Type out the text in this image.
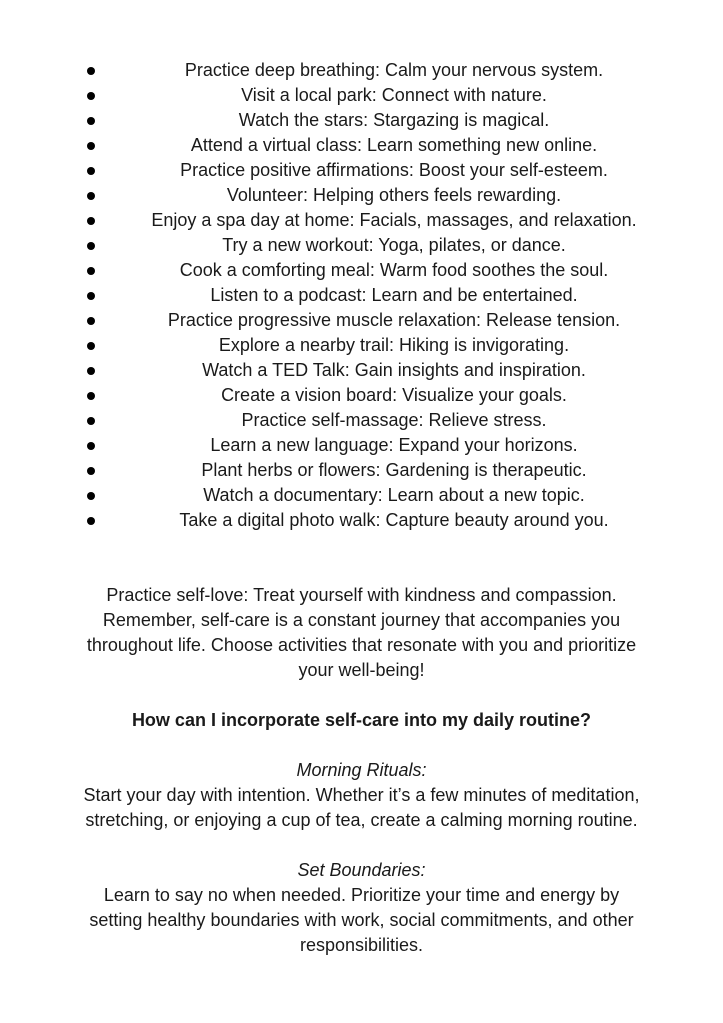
Practice deep breathing: Calm your nervous system.
Visit a local park: Connect with nature.
Watch the stars: Stargazing is magical.
Attend a virtual class: Learn something new online.
Practice positive affirmations: Boost your self-esteem.
Volunteer: Helping others feels rewarding.
Enjoy a spa day at home: Facials, massages, and relaxation.
Try a new workout: Yoga, pilates, or dance.
Cook a comforting meal: Warm food soothes the soul.
Listen to a podcast: Learn and be entertained.
Practice progressive muscle relaxation: Release tension.
Explore a nearby trail: Hiking is invigorating.
Watch a TED Talk: Gain insights and inspiration.
Create a vision board: Visualize your goals.
Practice self-massage: Relieve stress.
Learn a new language: Expand your horizons.
Plant herbs or flowers: Gardening is therapeutic.
Watch a documentary: Learn about a new topic.
Take a digital photo walk: Capture beauty around you.

Practice self-love: Treat yourself with kindness and compassion. Remember, self-care is a constant journey that accompanies you throughout life. Choose activities that resonate with you and prioritize your well-being!

How can I incorporate self-care into my daily routine?
Morning Rituals:

Start your day with intention. Whether it’s a few minutes of meditation, stretching, or enjoying a cup of tea, create a calming morning routine.

Set Boundaries:

Learn to say no when needed. Prioritize your time and energy by setting healthy boundaries with work, social commitments, and other responsibilities.
